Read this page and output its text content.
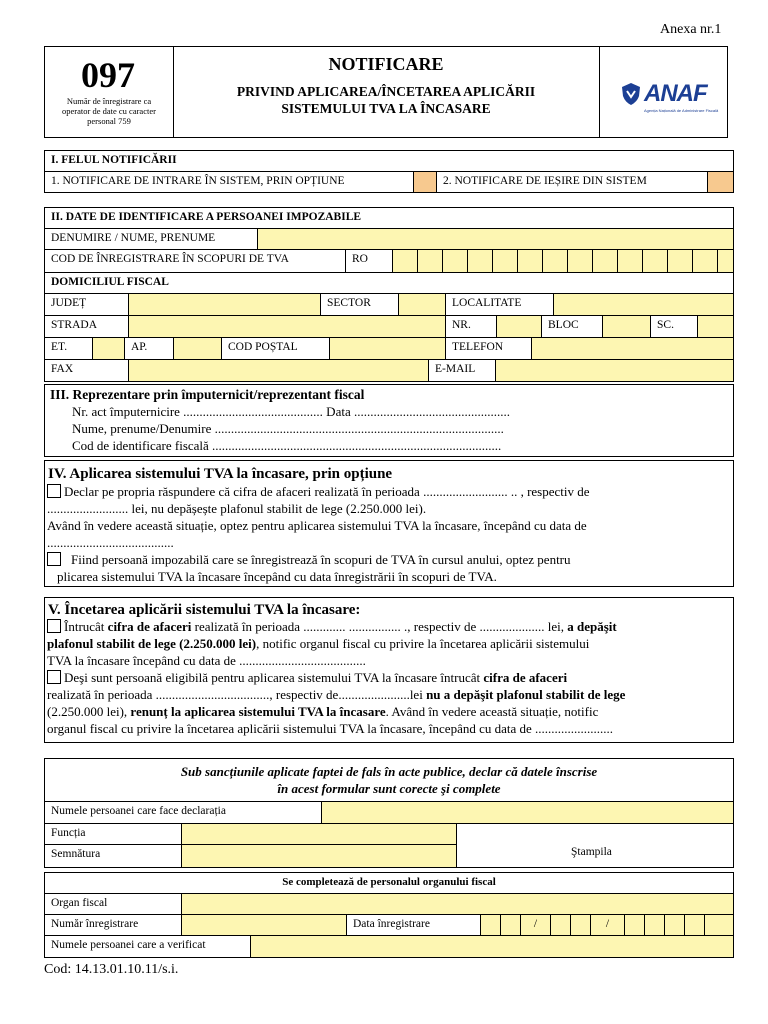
Anexa nr.1
097
Număr de înregistrare ca operator de date cu caracter personal 759
NOTIFICARE
PRIVIND APLICAREA/ÎNCETAREA APLICĂRII
SISTEMULUI TVA LA ÎNCASARE
ANAF
Agenția Națională de Administrare Fiscală
I. FELUL NOTIFICĂRII
1. NOTIFICARE DE INTRARE ÎN SISTEM, PRIN OPȚIUNE	2. NOTIFICARE DE IEȘIRE DIN SISTEM
II. DATE DE IDENTIFICARE A PERSOANEI IMPOZABILE
DENUMIRE / NUME, PRENUME
COD DE ÎNREGISTRARE ÎN SCOPURI DE TVA	RO
DOMICILIUL FISCAL
JUDEȚ	SECTOR	LOCALITATE
STRADA	NR.	BLOC	SC.
ET.	AP.	COD POȘTAL	TELEFON
FAX	E-MAIL
III. Reprezentare prin împuternicit/reprezentant fiscal
Nr. act împuternicire ........................................... Data ................................................
Nume, prenume/Denumire .........................................................................................
Cod de identificare fiscală .........................................................................................
IV. Aplicarea sistemului TVA la încasare, prin opțiune
Declar pe propria răspundere că cifra de afaceri realizată în perioada .......................... .. , respectiv de
......................... lei, nu depășește plafonul stabilit de lege (2.250.000 lei).
Având în vedere această situație, optez pentru aplicarea sistemului TVA la încasare, începând cu data de
.......................................
Fiind persoană impozabilă care se înregistrează în scopuri de TVA în cursul anului, optez pentru
plicarea sistemului TVA la încasare începând cu data înregistrării în scopuri de TVA.
V. Încetarea aplicării sistemului TVA la încasare:
Întrucât cifra de afaceri realizată în perioada ............. ................ ., respectiv de .................... lei, a depăşit
plafonul stabilit de lege (2.250.000 lei), notific organul fiscal cu privire la încetarea aplicării sistemului
TVA la încasare începând cu data de .......................................
Deşi sunt persoană eligibilă pentru aplicarea sistemului TVA la încasare întrucât cifra de afaceri
realizată în perioada ..................................., respectiv de......................lei nu a depăşit plafonul stabilit de lege
(2.250.000 lei), renunț la aplicarea sistemului TVA la încasare. Având în vedere această situație, notific
organul fiscal cu privire la încetarea aplicării sistemului TVA la încasare, începând cu data de ........................
Sub sancțiunile aplicate faptei de fals în acte publice, declar că datele înscrise
în acest formular sunt corecte şi complete
Numele persoanei care face declarația
Funcția
Semnătura	Ştampila
Se completează de personalul organului fiscal
Organ fiscal
Număr înregistrare	Data înregistrare	/	/
Numele persoanei care a verificat
Cod: 14.13.01.10.11/s.i.
